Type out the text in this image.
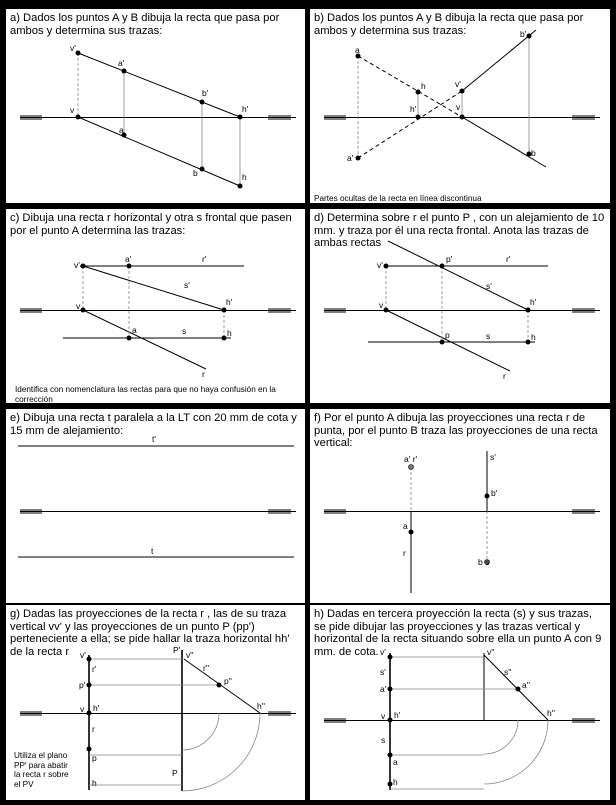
a) Dados los puntos A y B dibuja la recta que pasa por ambos y determina sus trazas:
v'
a'
b'
h'
v
a
b	h
b) Dados los puntos A y B dibuja la recta que pasa por ambos y determina sus trazas:
a
a'
b'
b
h
h'
v'
v
Partes ocultas de la recta en línea discontinua
c) Dibuja una recta r horizontal y otra s frontal que pasen por el punto A determina las trazas:
v'
a'	r'
s'
h'
v
a	s	h
r
Identifica con nomenclatura las rectas para que no haya confusión en la corrección
d) Determina sobre r el punto P , con un alejamiento de 10 mm. y traza por él una recta frontal. Anota las trazas de ambas rectas
v'
p'	r'
s'
h'
v
p	s	h
r
e) Dibuja una recta t paralela a la LT con 20 mm de cota y 15 mm de alejamiento:
t'
t
f) Por el punto A dibuja las proyecciones una recta r de punta, por el punto B traza las proyecciones de una recta vertical:
a' r'	s'
b'
a
r
b s
g) Dadas las proyecciones de la recta r , las de su traza vertical vv' y las proyecciones de un punto P (pp') perteneciente a ella; se pide hallar la traza horizontal hh' de la recta r	v'
r'
p'
v h'
r
p
h
P' v''
r''
p''
h''
P
Utiliza el plano PP' para abatir la recta r sobre el PV
h) Dadas en tercera proyección la recta (s) y sus trazas, se pide dibujar las proyecciones y las trazas vertical y horizontal de la recta situando sobre ella un punto A con 9 mm. de cota. v'
s'
a'
v h'
s
a
h
v''
s''
a''
h''
